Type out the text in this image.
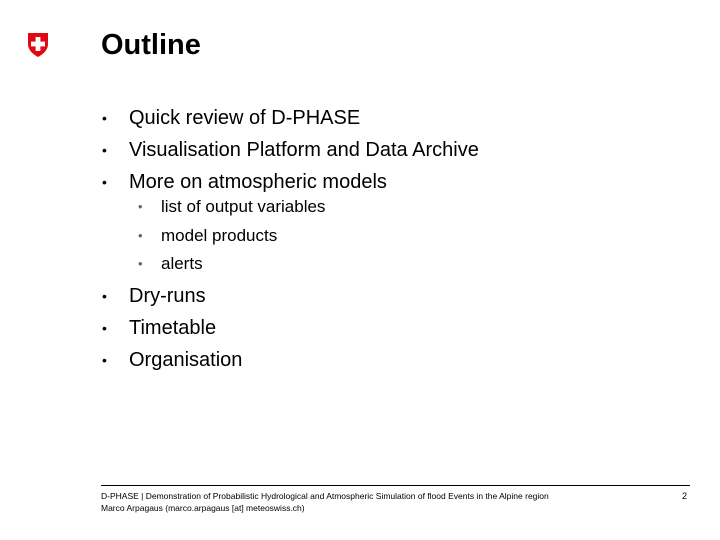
Outline
• Quick review of D-PHASE
• Visualisation Platform and Data Archive
• More on atmospheric models
• list of output variables
• model products
• alerts
• Dry-runs
• Timetable
• Organisation
D-PHASE | Demonstration of Probabilistic Hydrological and Atmospheric Simulation of flood Events in the Alpine region
Marco Arpagaus (marco.arpagaus [at] meteoswiss.ch)
2
